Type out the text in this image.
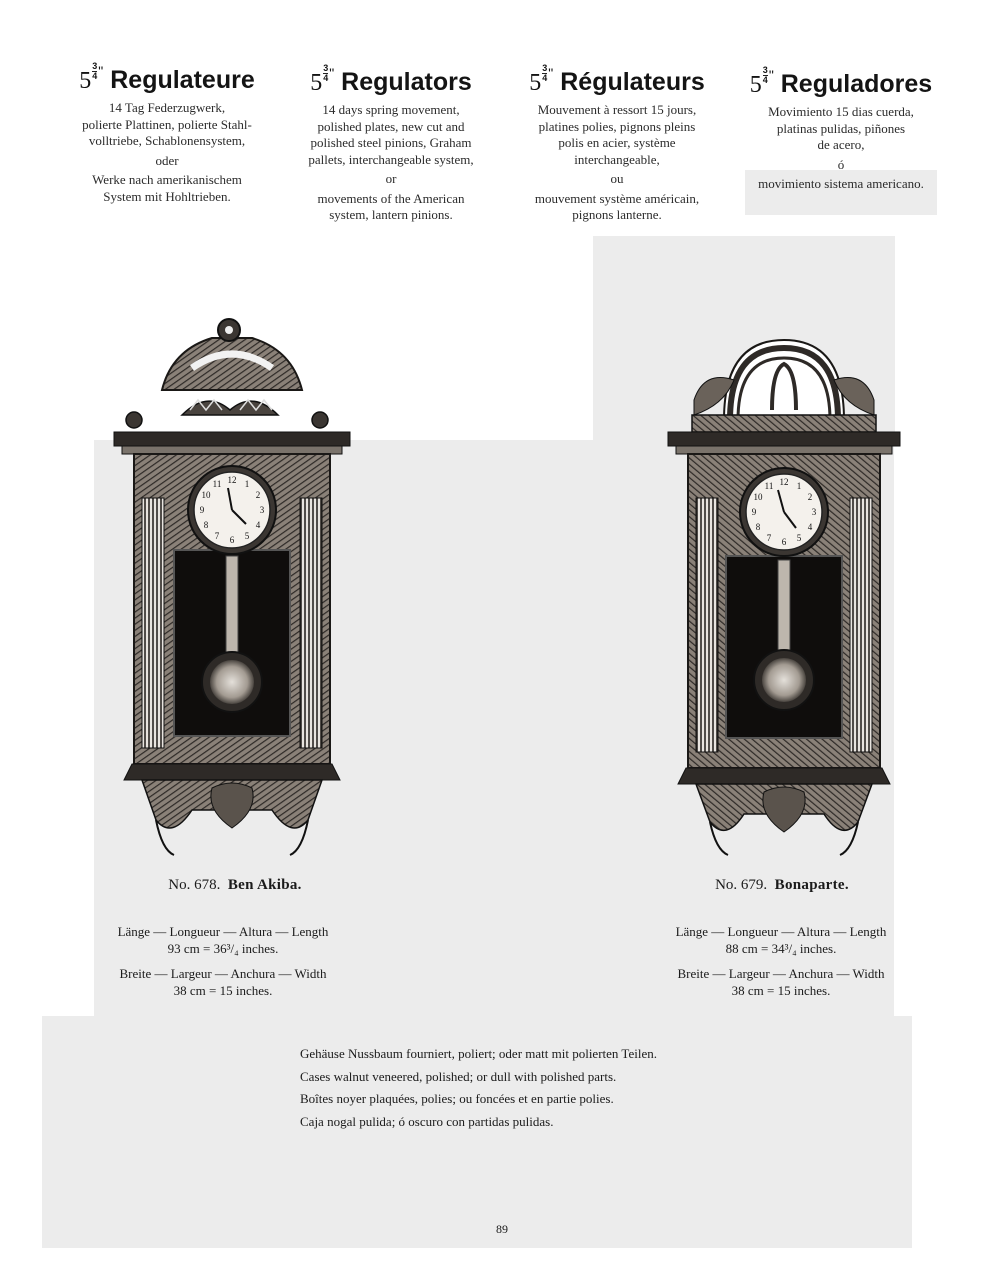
$5 \frac{3}{4} ^"$ Regulateure
14 Tag Federzugwerk,
polierte Plattinen, polierte Stahl-
volltriebe, Schablonensystem,
oder
Werke nach amerikanischem
System mit Hohltrieben.
$5 \frac{3}{4} ^"$ Regulators
14 days spring movement,
polished plates, new cut and
polished steel pinions, Graham
pallets, interchangeable system,
or
movements of the American
system, lantern pinions.
$5 \frac{3}{4} ^"$ Régulateurs
Mouvement à ressort 15 jours,
platines polies, pignons pleins
polis en acier, système
interchangeable,
ou
mouvement système américain,
pignons lanterne.
$5 \frac{3}{4} ^"$ Reguladores
Movimiento 15 dias cuerda,
platinas pulidas, piñones
de acero,
ó
movimiento sistema americano.
12 1
2
3
4
5
6
7
8
9
10
11	12 1
2
3
4
5
6
7
8
9
10
11
No. 678. Ben Akiba.	No. 679. Bonaparte.

Länge — Longueur — Altura — Length
93 cm = 36³/₄ inches.

Breite — Largeur — Anchura — Width
38 cm = 15 inches.

Länge — Longueur — Altura — Length
88 cm = 34³/₄ inches.

Breite — Largeur — Anchura — Width
38 cm = 15 inches.

Gehäuse Nussbaum fourniert, poliert; oder matt mit polierten Teilen.
Cases walnut veneered, polished; or dull with polished parts.
Boîtes noyer plaquées, polies; ou foncées et en partie polies.
Caja nogal pulida; ó oscuro con partidas pulidas.
89
